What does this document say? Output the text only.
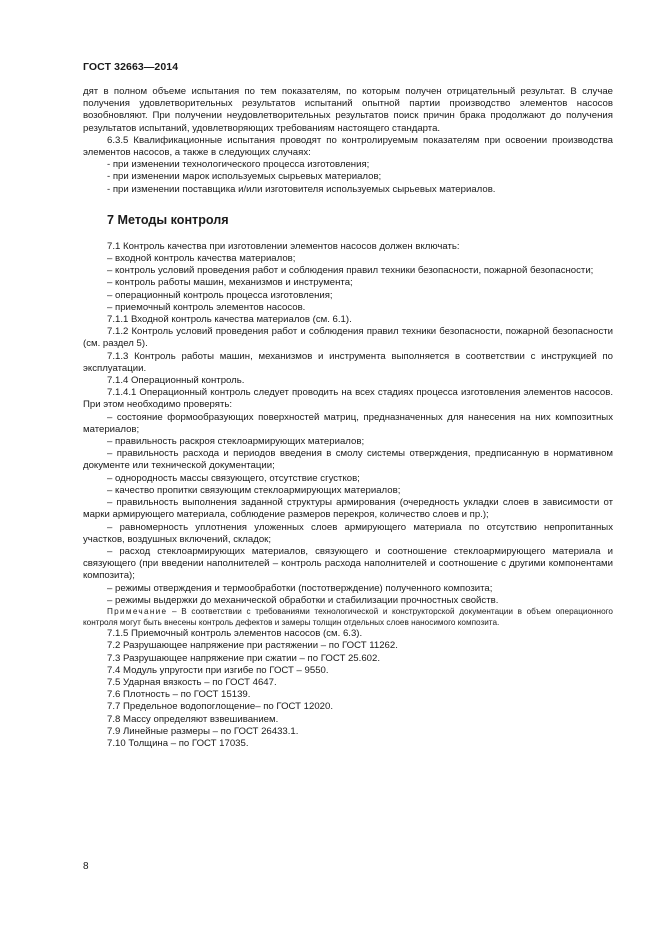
ГОСТ 32663—2014

дят в полном объеме испытания по тем показателям, по которым получен отрицательный результат. В случае получения удовлетворительных результатов испытаний опытной партии производство элементов насосов возобновляют. При получении неудовлетворительных результатов поиск причин брака продолжают до получения результатов испытаний, удовлетворяющих требованиям настоящего стандарта.

6.3.5 Квалификационные испытания проводят по контролируемым показателям при освоении производства элементов насосов, а также в следующих случаях:

- при изменении технологического процесса изготовления;

- при изменении марок используемых сырьевых материалов;

- при изменении поставщика и/или изготовителя используемых сырьевых материалов.

7 Методы контроля

7.1 Контроль качества при изготовлении элементов насосов должен включать:

– входной контроль качества материалов;

– контроль условий проведения работ и соблюдения правил техники безопасности, пожарной безопасности;

– контроль работы машин, механизмов и инструмента;

– операционный контроль процесса изготовления;

– приемочный контроль элементов насосов.

7.1.1 Входной контроль качества материалов (см. 6.1).

7.1.2 Контроль условий проведения работ и соблюдения правил техники безопасности, пожарной безопасности (см. раздел 5).

7.1.3 Контроль работы машин, механизмов и инструмента выполняется в соответствии с инструкцией по эксплуатации.

7.1.4 Операционный контроль.

7.1.4.1 Операционный контроль следует проводить на всех стадиях процесса изготовления элементов насосов. При этом необходимо проверять:

– состояние формообразующих поверхностей матриц, предназначенных для нанесения на них композитных материалов;

– правильность раскроя стеклоармирующих материалов;

– правильность расхода и периодов введения в смолу системы отверждения, предписанную в нормативном документе или технической документации;

– однородность массы связующего, отсутствие сгустков;

– качество пропитки связующим стеклоармирующих материалов;

– правильность выполнения заданной структуры армирования (очередность укладки слоев в зависимости от марки армирующего материала, соблюдение размеров перекроя, количество слоев и пр.);

– равномерность уплотнения уложенных слоев армирующего материала по отсутствию непропитанных участков, воздушных включений, складок;

– расход стеклоармирующих материалов, связующего и соотношение стеклоармирующего материала и связующего (при введении наполнителей – контроль расхода наполнителей и соотношение с другими компонентами композита);

– режимы отверждения и термообработки (постотверждение) полученного композита;

– режимы выдержки до механической обработки и стабилизации прочностных свойств.

Примечание – В соответствии с требованиями технологической и конструкторской документации в объем операционного контроля могут быть внесены контроль дефектов и замеры толщин отдельных слоев наносимого композита.

7.1.5 Приемочный контроль элементов насосов (см. 6.3).

7.2 Разрушающее напряжение при растяжении – по ГОСТ 11262.

7.3 Разрушающее напряжение при сжатии – по ГОСТ 25.602.

7.4 Модуль упругости при изгибе по ГОСТ – 9550.

7.5 Ударная вязкость – по ГОСТ 4647.

7.6 Плотность – по ГОСТ 15139.

7.7 Предельное водопоглощение– по ГОСТ 12020.

7.8 Массу определяют взвешиванием.

7.9 Линейные размеры – по ГОСТ 26433.1.

7.10 Толщина – по ГОСТ 17035.

8
